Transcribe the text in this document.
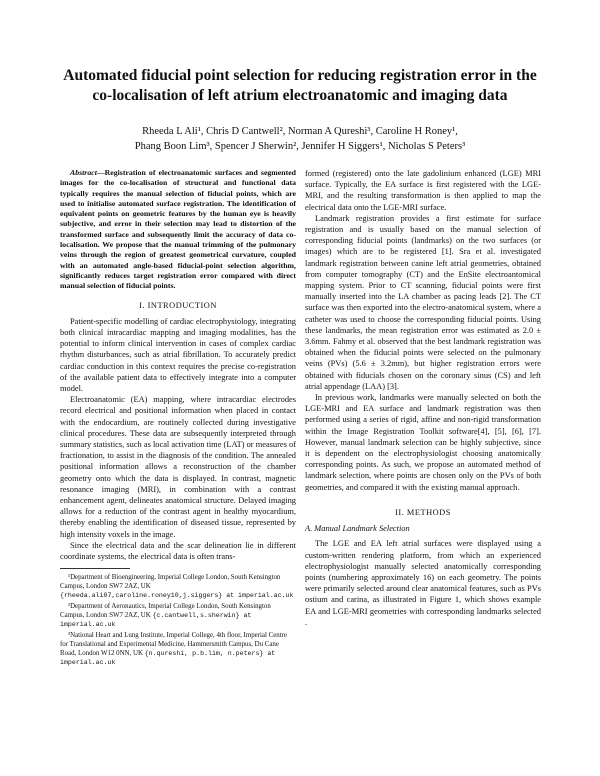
Automated fiducial point selection for reducing registration error in the co-localisation of left atrium electroanatomic and imaging data
Rheeda L Ali¹, Chris D Cantwell², Norman A Qureshi³, Caroline H Roney¹,
Phang Boon Lim³, Spencer J Sherwin², Jennifer H Siggers¹, Nicholas S Peters³

Abstract—Registration of electroanatomic surfaces and segmented images for the co-localisation of structural and functional data typically requires the manual selection of fiducial points, which are used to initialise automated surface registration. The identification of equivalent points on geometric features by the human eye is heavily subjective, and error in their selection may lead to distortion of the transformed surface and subsequently limit the accuracy of data co-localisation. We propose that the manual trimming of the pulmonary veins through the region of greatest geometrical curvature, coupled with an automated angle-based fiducial-point selection algorithm, significantly reduces target registration error compared with direct manual selection of fiducial points.

I. INTRODUCTION

Patient-specific modelling of cardiac electrophysiology, integrating both clinical intracardiac mapping and imaging modalities, has the potential to inform clinical intervention in cases of complex cardiac rhythm disturbances, such as atrial fibrillation. To accurately predict cardiac conduction in this context requires the precise co-registration of the available patient data to effectively integrate into a computer model.

Electroanatomic (EA) mapping, where intracardiac electrodes record electrical and positional information when placed in contact with the endocardium, are routinely collected during investigative clinical procedures. These data are subsequently interpreted through summary statistics, such as local activation time (LAT) or measures of fractionation, to assist in the diagnosis of the condition. The annealed positional information allows a reconstruction of the chamber geometry onto which the data is displayed. In contrast, magnetic resonance imaging (MRI), in combination with a contrast enhancement agent, delineates anatomical structure. Delayed imaging allows for a reduction of the contrast agent in healthy myocardium, thereby enabling the identification of diseased tissue, represented by high intensity voxels in the image.

Since the electrical data and the scar delineation lie in different coordinate systems, the electrical data is often trans-

¹Department of Bioengineering, Imperial College London, South Kensington Campus, London SW7 2AZ, UK {rheeda.ali07,caroline.roney10,j.siggers} at imperial.ac.uk

²Department of Aeronautics, Imperial College London, South Kensington Campus, London SW7 2AZ, UK {c.cantwell,s.sherwin} at imperial.ac.uk

³National Heart and Lung Institute, Imperial College, 4th floor, Imperial Centre for Translational and Experimental Medicine, Hammersmith Campus, Du Cane Road, London W12 0NN, UK {n.qureshi, p.b.lim, n.peters} at imperial.ac.uk

formed (registered) onto the late gadolinium enhanced (LGE) MRI surface. Typically, the EA surface is first registered with the LGE-MRI, and the resulting transformation is then applied to map the electrical data onto the LGE-MRI surface.

Landmark registration provides a first estimate for surface registration and is usually based on the manual selection of corresponding fiducial points (landmarks) on the two surfaces (or images) which are to be registered [1]. Sra et al. investigated landmark registration between canine left atrial geometries, obtained from computer tomography (CT) and the EnSite electroantomical mapping system. Prior to CT scanning, fiducial points were first manually inserted into the LA chamber as pacing leads [2]. The CT surface was then exported into the electro-anatomical system, where a catheter was used to choose the corresponding fiducial points. Using these landmarks, the mean registration error was estimated as 2.0 ± 3.6mm. Fahmy et al. observed that the best landmark registration was obtained when the fiducial points were selected on the pulmonary veins (PVs) (5.6 ± 3.2mm), but higher registration errors were obtained with fiducials chosen on the coronary sinus (CS) and left atrial appendage (LAA) [3].

In previous work, landmarks were manually selected on both the LGE-MRI and EA surface and landmark registration was then performed using a series of rigid, affine and non-rigid transformation within the Image Registration Toolkit software[4], [5], [6], [7]. However, manual landmark selection can be highly subjective, since it is dependent on the electrophysiologist choosing anatomically corresponding points. As such, we propose an automated method of landmark selection, where points are chosen only on the PVs of both geometries, and compared it with the existing manual approach.

II. METHODS
A. Manual Landmark Selection

The LGE and EA left atrial surfaces were displayed using a custom-written rendering platform, from which an experienced electrophysiologist manually selected anatomically corresponding points (numbering approximately 16) on each geometry. The points were primarily selected around clear anatomical features, such as PVs ostium and carina, as illustrated in Figure 1, which shows example EA and LGE-MRI geometries with corresponding landmarks selected .
